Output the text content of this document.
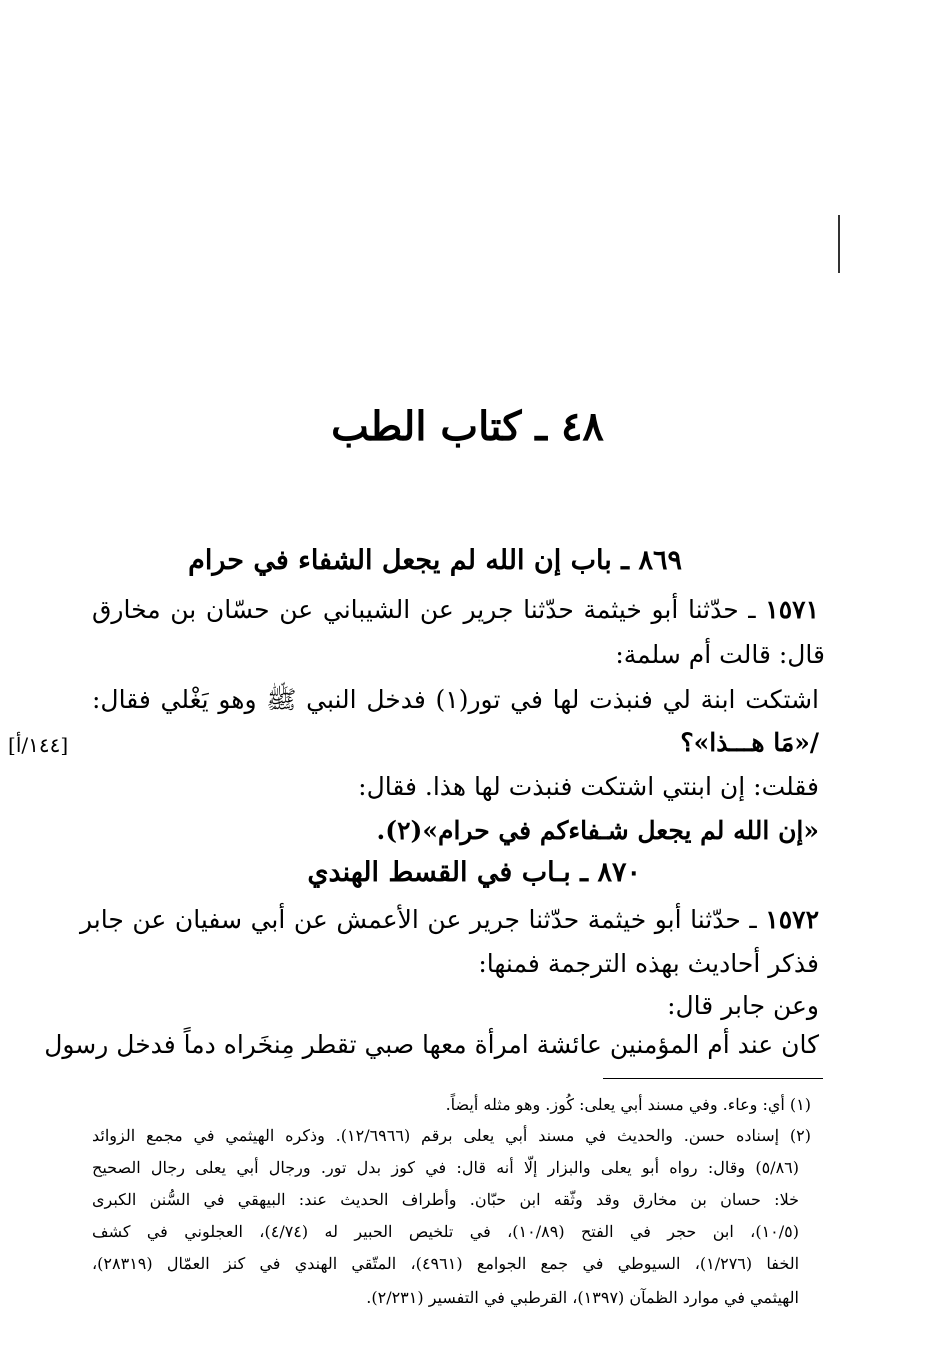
٤٨ ـ كتاب الطب
٨٦٩ ـ باب إن الله لم يجعل الشفاء في حرام
١٥٧١ ـ حدّثنا أبو خيثمة حدّثنا جرير عن الشيباني عن حسّان بن مخارق
قال: قالت أم سلمة:
اشتكت ابنة لي فنبذت لها في تور(١) فدخل النبي ﷺ وهو يَغْلي فقال:
/«مَا هـــذا»؟
[١٤٤/أ]
فقلت: إن ابنتي اشتكت فنبذت لها هذا. فقال:
«إن الله لم يجعل شـفاءكم في حرام»(٢).
٨٧٠ ـ بـاب في القسط الهندي
١٥٧٢ ـ حدّثنا أبو خيثمة حدّثنا جرير عن الأعمش عن أبي سفيان عن جابر
فذكر أحاديث بهذه الترجمة فمنها:
وعن جابر قال:
كان عند أم المؤمنين عائشة امرأة معها صبي تقطر مِنخَراه دماً فدخل رسول
(١) أي: وعاء. وفي مسند أبي يعلى: كُوز. وهو مثله أيضاً.
(٢) إسناده حسن. والحديث في مسند أبي يعلى برقم (١٢/٦٩٦٦). وذكره الهيثمي في مجمع الزوائد
(٥/٨٦) وقال: رواه أبو يعلى والبزار إلّا أنه قال: في كوز بدل تور. ورجال أبي يعلى رجال الصحيح
خلا: حسان بن مخارق وقد وثّقه ابن حبّان. وأطراف الحديث عند: البيهقي في السُّنن الكبرى
(١٠/٥)، ابن حجر في الفتح (١٠/٨٩)، في تلخيص الحبير له (٤/٧٤)، العجلوني في كشف
الخفا (١/٢٧٦)، السيوطي في جمع الجوامع (٤٩٦١)، المتّقي الهندي في كنز العمّال (٢٨٣١٩)،
الهيثمي في موارد الظمآن (١٣٩٧)، القرطبي في التفسير (٢/٢٣١).
